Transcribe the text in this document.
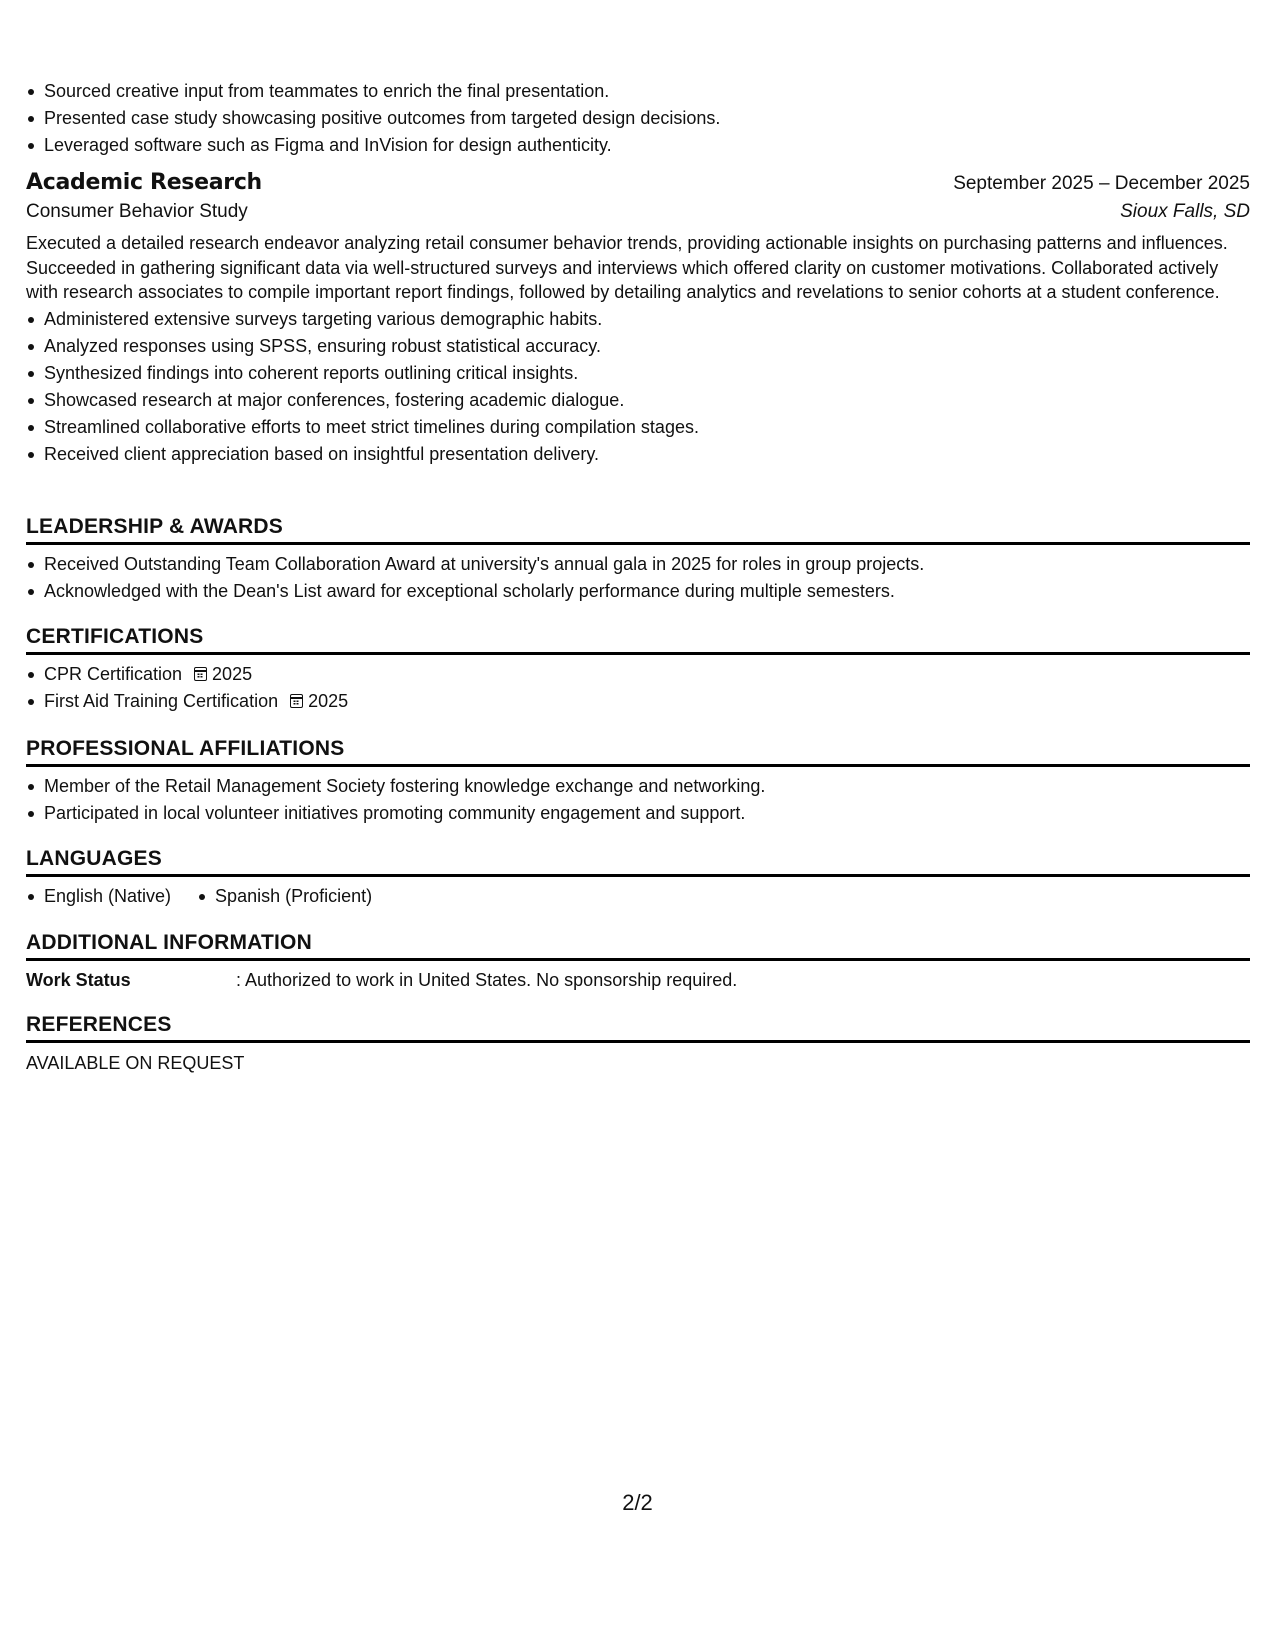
Sourced creative input from teammates to enrich the final presentation.
Presented case study showcasing positive outcomes from targeted design decisions.
Leveraged software such as Figma and InVision for design authenticity.
Academic Research	September 2025 – December 2025
Consumer Behavior Study	Sioux Falls, SD

Executed a detailed research endeavor analyzing retail consumer behavior trends, providing actionable insights on purchasing patterns and influences. Succeeded in gathering significant data via well-structured surveys and interviews which offered clarity on customer motivations. Collaborated actively with research associates to compile important report findings, followed by detailing analytics and revelations to senior cohorts at a student conference.

Administered extensive surveys targeting various demographic habits.
Analyzed responses using SPSS, ensuring robust statistical accuracy.
Synthesized findings into coherent reports outlining critical insights.
Showcased research at major conferences, fostering academic dialogue.
Streamlined collaborative efforts to meet strict timelines during compilation stages.
Received client appreciation based on insightful presentation delivery.
LEADERSHIP & AWARDS
Received Outstanding Team Collaboration Award at university's annual gala in 2025 for roles in group projects.
Acknowledged with the Dean's List award for exceptional scholarly performance during multiple semesters.
CERTIFICATIONS
CPR Certification 2025
First Aid Training Certification 2025
PROFESSIONAL AFFILIATIONS
Member of the Retail Management Society fostering knowledge exchange and networking.
Participated in local volunteer initiatives promoting community engagement and support.
LANGUAGES
English (Native)	Spanish (Proficient)
ADDITIONAL INFORMATION
Work Status	: Authorized to work in United States. No sponsorship required.
REFERENCES
AVAILABLE ON REQUEST
2/2
